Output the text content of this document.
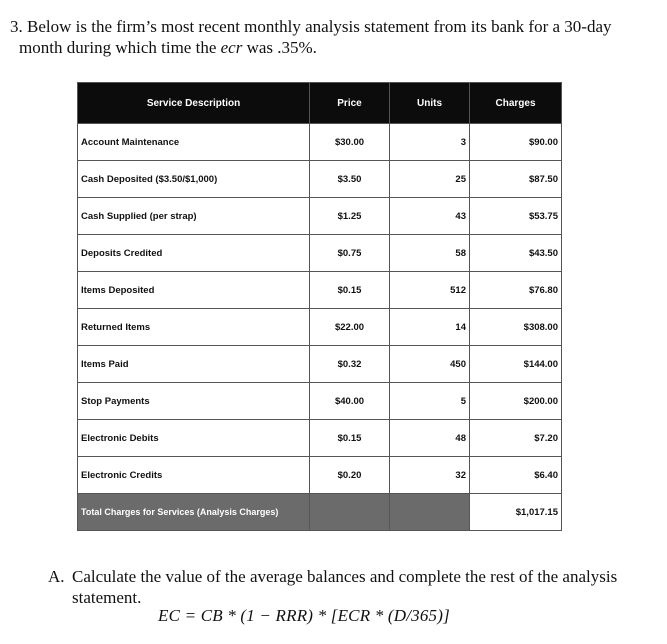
3. Below is the firm’s most recent monthly analysis statement from its bank for a 30-day
month during which time the ecr was .35%.
Service Description	Price	Units	Charges
Account Maintenance	$30.00	3	$90.00
Cash Deposited ($3.50/$1,000)	$3.50	25	$87.50
Cash Supplied (per strap)	$1.25	43	$53.75
Deposits Credited	$0.75	58	$43.50
Items Deposited	$0.15	512	$76.80
Returned Items	$22.00	14	$308.00
Items Paid	$0.32	450	$144.00
Stop Payments	$40.00	5	$200.00
Electronic Debits	$0.15	48	$7.20
Electronic Credits	$0.20	32	$6.40
Total Charges for Services (Analysis Charges)			$1,017.15
A. Calculate the value of the average balances and complete the rest of the analysis
statement.
EC = CB * (1 − RRR) * [ECR * (D/365)]
